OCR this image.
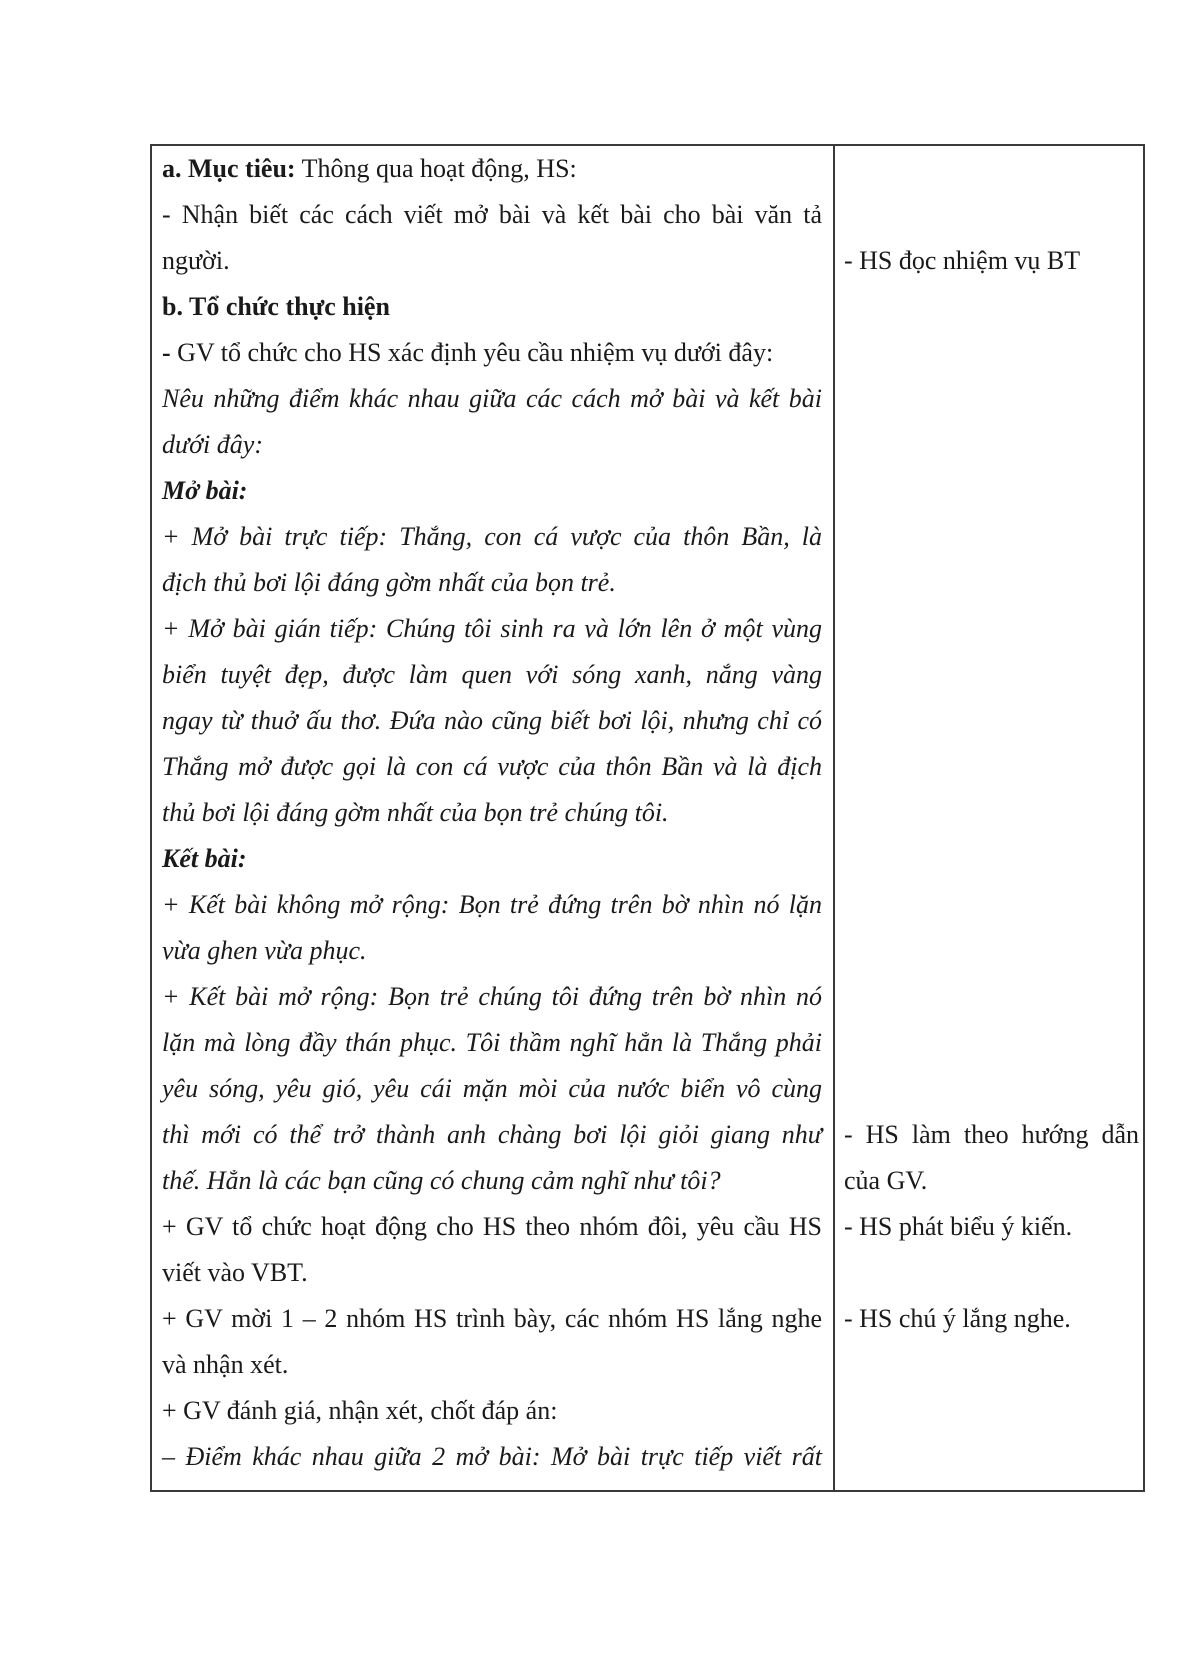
a. Mục tiêu: Thông qua hoạt động, HS:
- Nhận biết các cách viết mở bài và kết bài cho bài văn tả
người.
b. Tổ chức thực hiện
- GV tổ chức cho HS xác định yêu cầu nhiệm vụ dưới đây:
Nêu những điểm khác nhau giữa các cách mở bài và kết bài
dưới đây:
Mở bài:
+ Mở bài trực tiếp: Thắng, con cá vược của thôn Bần, là
địch thủ bơi lội đáng gờm nhất của bọn trẻ.
+ Mở bài gián tiếp: Chúng tôi sinh ra và lớn lên ở một vùng
biển tuyệt đẹp, được làm quen với sóng xanh, nắng vàng
ngay từ thuở ấu thơ. Đứa nào cũng biết bơi lội, nhưng chỉ có
Thắng mở được gọi là con cá vược của thôn Bần và là địch
thủ bơi lội đáng gờm nhất của bọn trẻ chúng tôi.
Kết bài:
+ Kết bài không mở rộng: Bọn trẻ đứng trên bờ nhìn nó lặn
vừa ghen vừa phục.
+ Kết bài mở rộng: Bọn trẻ chúng tôi đứng trên bờ nhìn nó
lặn mà lòng đầy thán phục. Tôi thầm nghĩ hẳn là Thắng phải
yêu sóng, yêu gió, yêu cái mặn mòi của nước biển vô cùng
thì mới có thể trở thành anh chàng bơi lội giỏi giang như
thế. Hẳn là các bạn cũng có chung cảm nghĩ như tôi?
+ GV tổ chức hoạt động cho HS theo nhóm đôi, yêu cầu HS
viết vào VBT.
+ GV mời 1 – 2 nhóm HS trình bày, các nhóm HS lắng nghe
và nhận xét.
+ GV đánh giá, nhận xét, chốt đáp án:
– Điểm khác nhau giữa 2 mở bài: Mở bài trực tiếp viết rất
- HS đọc nhiệm vụ BT
- HS làm theo hướng dẫn
của GV.
- HS phát biểu ý kiến.
- HS chú ý lắng nghe.
